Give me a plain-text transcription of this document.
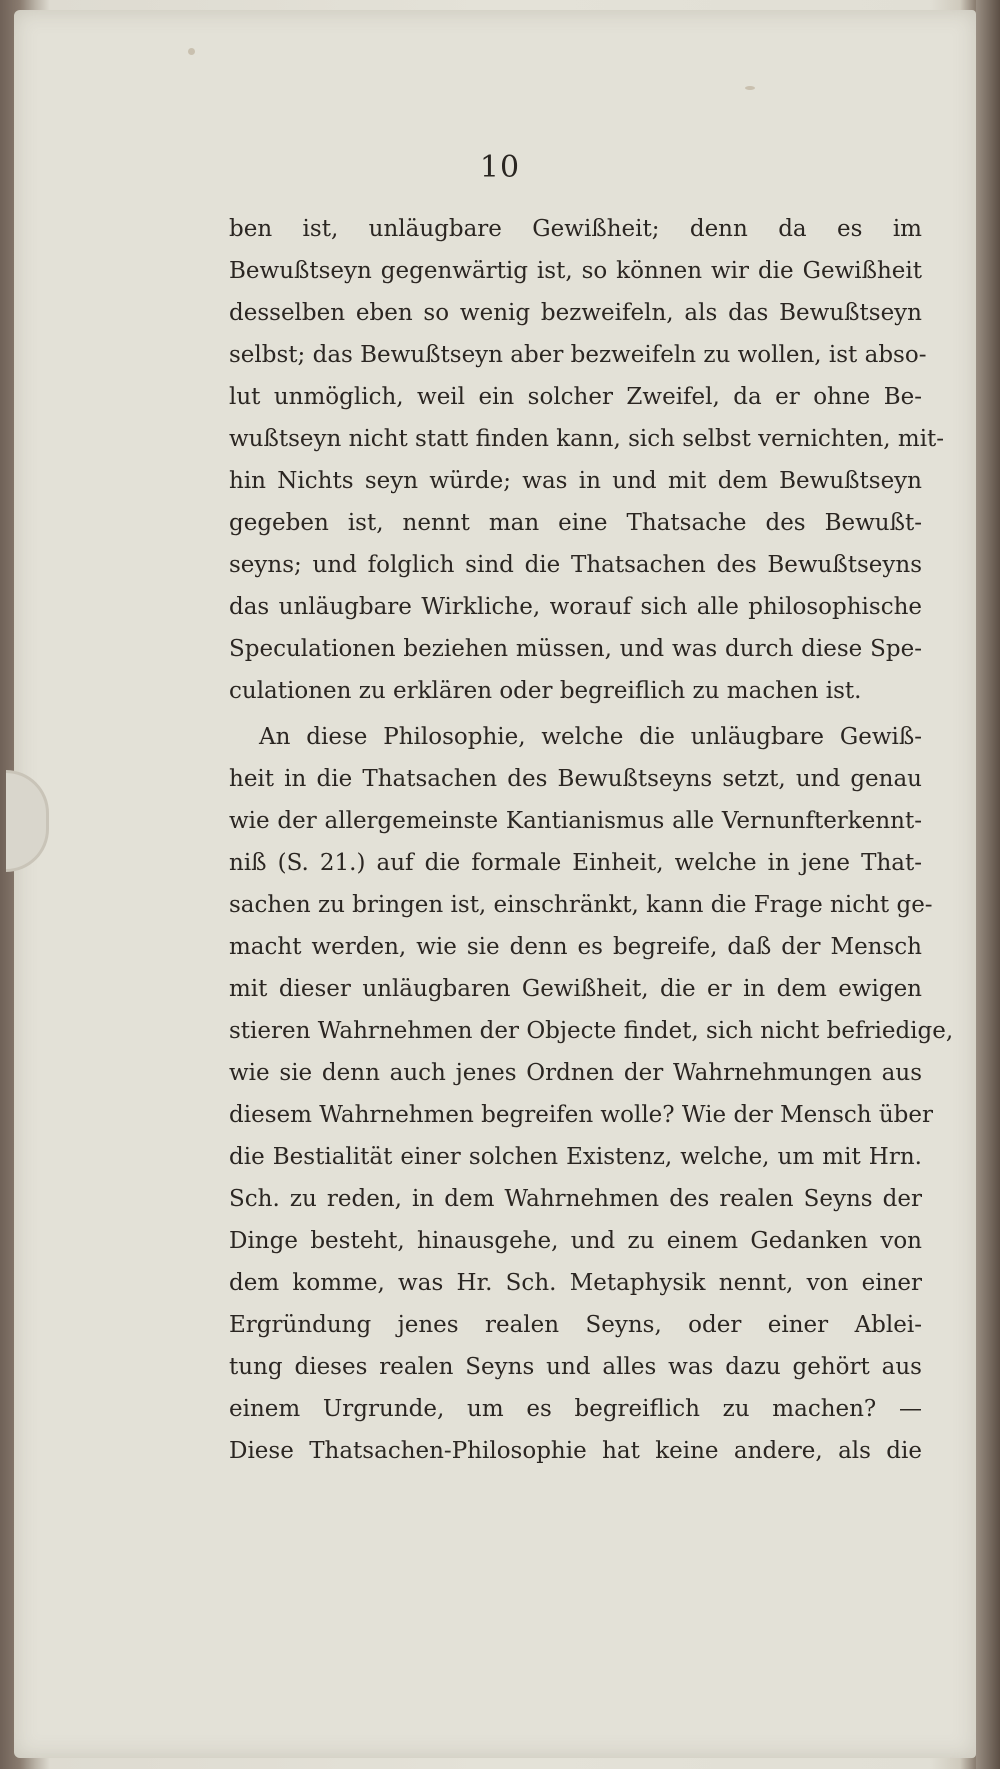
10
ben ist, unläugbare Gewißheit; denn da es im
Bewußtseyn gegenwärtig ist, so können wir die Gewißheit
desselben eben so wenig bezweifeln, als das Bewußtseyn
selbst; das Bewußtseyn aber bezweifeln zu wollen, ist abso-
lut unmöglich, weil ein solcher Zweifel, da er ohne Be-
wußtseyn nicht statt finden kann, sich selbst vernichten, mit-
hin Nichts seyn würde; was in und mit dem Bewußtseyn
gegeben ist, nennt man eine Thatsache des Bewußt-
seyns; und folglich sind die Thatsachen des Bewußtseyns
das unläugbare Wirkliche, worauf sich alle philosophische
Speculationen beziehen müssen, und was durch diese Spe-
culationen zu erklären oder begreiflich zu machen ist.
An diese Philosophie, welche die unläugbare Gewiß-
heit in die Thatsachen des Bewußtseyns setzt, und genau
wie der allergemeinste Kantianismus alle Vernunfterkennt-
niß (S. 21.) auf die formale Einheit, welche in jene That-
sachen zu bringen ist, einschränkt, kann die Frage nicht ge-
macht werden, wie sie denn es begreife, daß der Mensch
mit dieser unläugbaren Gewißheit, die er in dem ewigen
stieren Wahrnehmen der Objecte findet, sich nicht befriedige,
wie sie denn auch jenes Ordnen der Wahrnehmungen aus
diesem Wahrnehmen begreifen wolle? Wie der Mensch über
die Bestialität einer solchen Existenz, welche, um mit Hrn.
Sch. zu reden, in dem Wahrnehmen des realen Seyns der
Dinge besteht, hinausgehe, und zu einem Gedanken von
dem komme, was Hr. Sch. Metaphysik nennt, von einer
Ergründung jenes realen Seyns, oder einer Ablei-
tung dieses realen Seyns und alles was dazu gehört aus
einem Urgrunde, um es begreiflich zu machen? —
Diese Thatsachen-Philosophie hat keine andere, als die
